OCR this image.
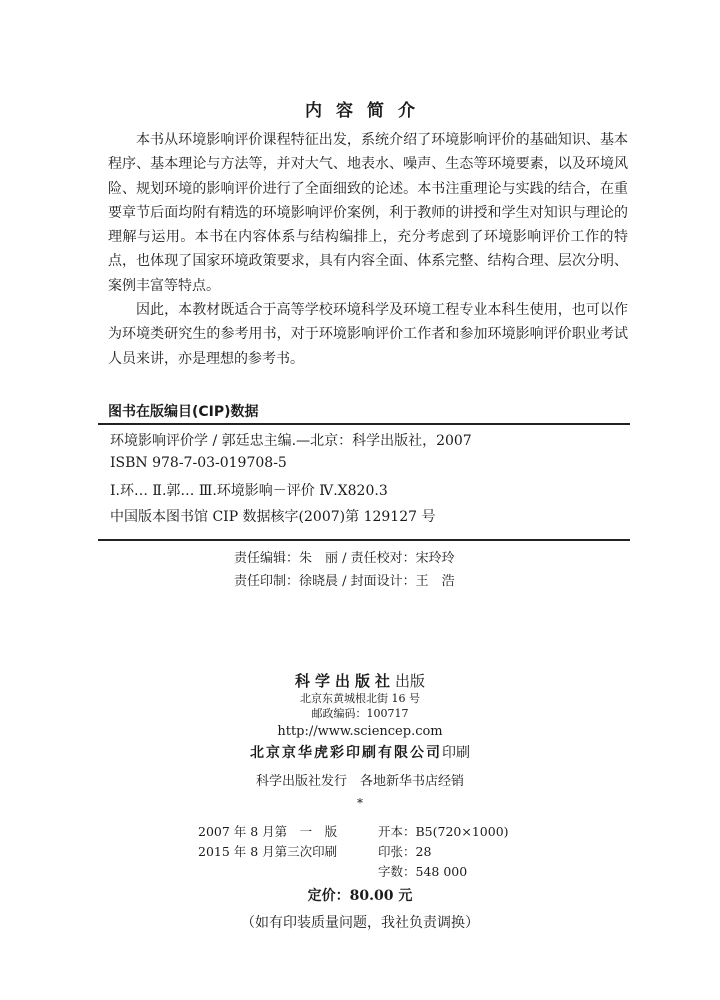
内容简介

本书从环境影响评价课程特征出发，系统介绍了环境影响评价的基础知识、基本程序、基本理论与方法等，并对大气、地表水、噪声、生态等环境要素，以及环境风险、规划环境的影响评价进行了全面细致的论述。本书注重理论与实践的结合，在重要章节后面均附有精选的环境影响评价案例，利于教师的讲授和学生对知识与理论的理解与运用。本书在内容体系与结构编排上，充分考虑到了环境影响评价工作的特点，也体现了国家环境政策要求，具有内容全面、体系完整、结构合理、层次分明、案例丰富等特点。

因此，本教材既适合于高等学校环境科学及环境工程专业本科生使用，也可以作为环境类研究生的参考用书，对于环境影响评价工作者和参加环境影响评价职业考试人员来讲，亦是理想的参考书。

图书在版编目(CIP)数据
环境影响评价学 / 郭廷忠主编.—北京：科学出版社，2007
ISBN 978-7-03-019708-5
Ⅰ.环… Ⅱ.郭… Ⅲ.环境影响－评价 Ⅳ.X820.3
中国版本图书馆 CIP 数据核字(2007)第 129127 号
责任编辑：朱　丽 / 责任校对：宋玲玲
责任印制：徐晓晨 / 封面设计：王　浩
科学出版社出版
北京东黄城根北街 16 号
邮政编码：100717
http://www.sciencep.com
北京京华虎彩印刷有限公司印刷
科学出版社发行　各地新华书店经销
*
2007 年 8 月第　一　版	开本：B5(720×1000)
2015 年 8 月第三次印刷	印张：28
字数：548 000
定价：80.00 元
（如有印装质量问题，我社负责调换）
